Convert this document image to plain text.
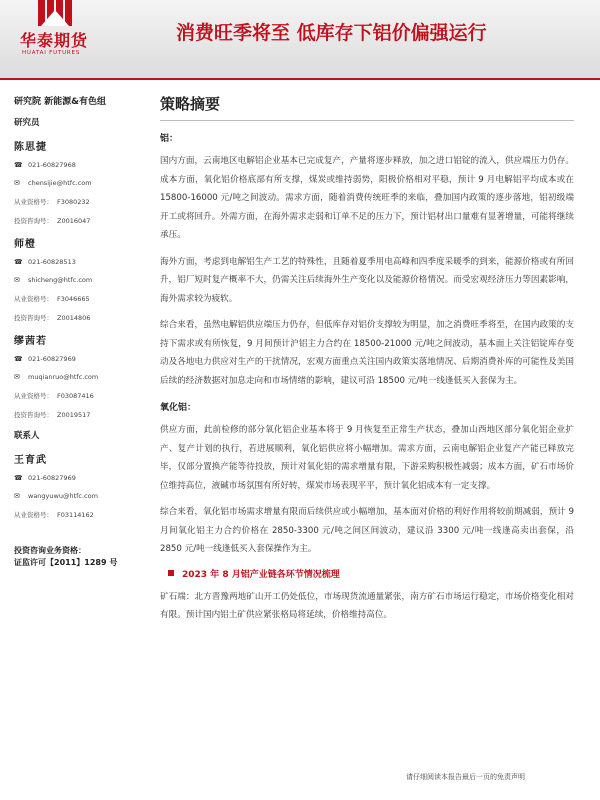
华泰期货
HUATAI FUTURES
消费旺季将至 低库存下铝价偏强运行
研究院 新能源&有色组
研究员
陈思捷
☎ 021-60827968
✉	chensijie@htfc.com
从业资格号： F3080232
投资咨询号： Z0016047
师橙
☎ 021-60828513
✉	shicheng@htfc.com
从业资格号： F3046665
投资咨询号： Z0014806
缪茜若
☎ 021-60827969
✉	muqianruo@htfc.com
从业资格号： F03087416
投资咨询号： Z0019517
联系人
王育武
☎ 021-60827969
✉	wangyuwu@htfc.com
从业资格号： F03114162
投资咨询业务资格：
证监许可【2011】1289 号
策略摘要
铝：

国内方面，云南地区电解铝企业基本已完成复产，产量将逐步释放，加之进口铝锭的流入，供应端压力仍存。成本方面，氧化铝价格底部有所支撑，煤炭或维持弱势，阳极价格相对平稳，预计 9 月电解铝平均成本或在 15800-16000 元/吨之间波动。需求方面，随着消费传统旺季的来临，叠加国内政策的逐步落地，铝初级端开工或将回升。外需方面，在海外需求走弱和订单不足的压力下，预计铝材出口量难有显著增量，可能将继续承压。

海外方面，考虑到电解铝生产工艺的特殊性，且随着夏季用电高峰和四季度采暖季的到来，能源价格或有所回升，铝厂短时复产概率不大，仍需关注后续海外生产变化以及能源价格情况。而受宏观经济压力等因素影响，海外需求较为疲软。

综合来看，虽然电解铝供应端压力仍存，但低库存对铝价支撑较为明显，加之消费旺季将至，在国内政策的支持下需求或有所恢复，9 月间预计沪铝主力合约在 18500-21000 元/吨之间波动，基本面上关注铝锭库存变动及各地电力供应对生产的干扰情况，宏观方面重点关注国内政策实落地情况、后期消费补库的可能性及美国后续的经济数据对加息走向和市场情绪的影响，建议可沿 18500 元/吨一线逢低买入套保为主。

氧化铝：

供应方面，此前检修的部分氧化铝企业基本将于 9 月恢复至正常生产状态，叠加山西地区部分氧化铝企业扩产、复产计划的执行，若进展顺利，氧化铝供应将小幅增加。需求方面，云南电解铝企业复产产能已释放完毕，仅部分置换产能等待投放，预计对氧化铝的需求增量有限，下游采购积极性减弱；成本方面，矿石市场价位维持高位，液碱市场氛围有所好转，煤炭市场表现平平，预计氧化铝成本有一定支撑。

综合来看，氧化铝市场需求增量有限而后续供应或小幅增加，基本面对价格的利好作用将较前期减弱，预计 9 月间氧化铝主力合约价格在 2850-3300 元/吨之间区间波动，建议沿 3300 元/吨一线逢高卖出套保，沿 2850 元/吨一线逢低买入套保操作为主。

2023 年 8 月铝产业链各环节情况梳理

矿石端：北方晋豫两地矿山开工仍处低位，市场现货流通量紧张，南方矿石市场运行稳定，市场价格变化相对有限。预计国内铝土矿供应紧张格局将延续，价格维持高位。

请仔细阅读本报告最后一页的免责声明
